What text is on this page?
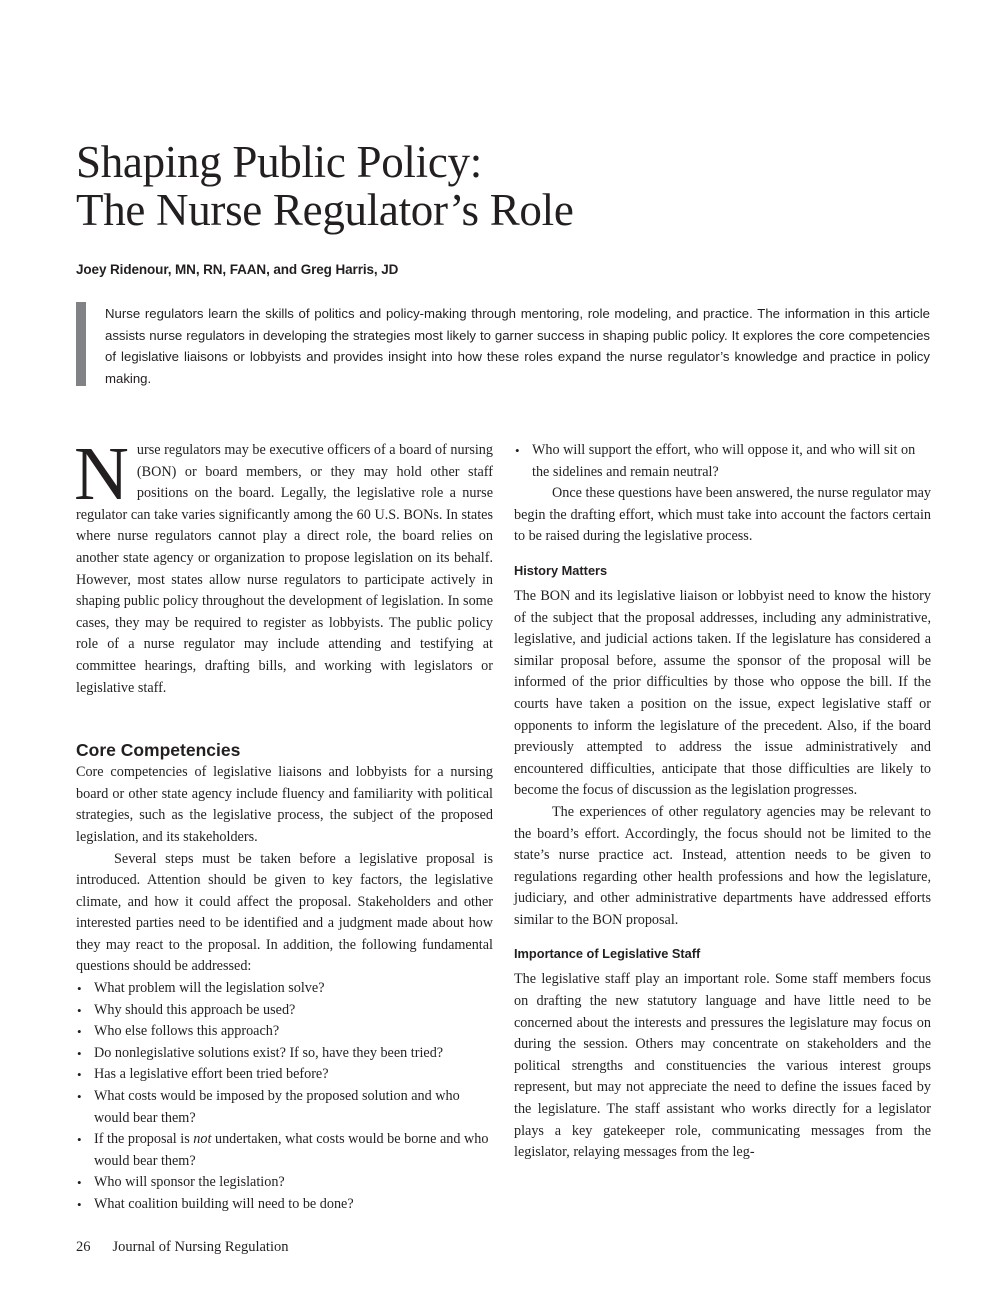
Shaping Public Policy:
The Nurse Regulator’s Role
Joey Ridenour, MN, RN, FAAN, and Greg Harris, JD

Nurse regulators learn the skills of politics and policy-making through mentoring, role modeling, and practice. The information in this article assists nurse regulators in developing the strategies most likely to garner success in shaping public policy. It explores the core competencies of legislative liaisons or lobbyists and provides insight into how these roles expand the nurse regulator’s knowledge and practice in policy making.

Nurse regulators may be executive officers of a board of nursing (BON) or board members, or they may hold other staff positions on the board. Legally, the legislative role a nurse regulator can take varies significantly among the 60 U.S. BONs. In states where nurse regulators cannot play a direct role, the board relies on another state agency or organization to propose legislation on its behalf. However, most states allow nurse regulators to participate actively in shaping public policy throughout the development of legislation. In some cases, they may be required to register as lobbyists. The public policy role of a nurse regulator may include attending and testifying at committee hearings, drafting bills, and working with legislators or legislative staff.

Core Competencies

Core competencies of legislative liaisons and lobbyists for a nursing board or other state agency include fluency and familiarity with political strategies, such as the legislative process, the subject of the proposed legislation, and its stakeholders.

Several steps must be taken before a legislative proposal is introduced. Attention should be given to key factors, the legislative climate, and how it could affect the proposal. Stakeholders and other interested parties need to be identified and a judgment made about how they may react to the proposal. In addition, the following fundamental questions should be addressed:

• What problem will the legislation solve?
• Why should this approach be used?
• Who else follows this approach?
• Do nonlegislative solutions exist? If so, have they been tried?
• Has a legislative effort been tried before?
• What costs would be imposed by the proposed solution and who would bear them?
• If the proposal is not undertaken, what costs would be borne and who would bear them?
• Who will sponsor the legislation?
• What coalition building will need to be done?
• Who will support the effort, who will oppose it, and who will sit on the sidelines and remain neutral?

Once these questions have been answered, the nurse regulator may begin the drafting effort, which must take into account the factors certain to be raised during the legislative process.

History Matters

The BON and its legislative liaison or lobbyist need to know the history of the subject that the proposal addresses, including any administrative, legislative, and judicial actions taken. If the legislature has considered a similar proposal before, assume the sponsor of the proposal will be informed of the prior difficulties by those who oppose the bill. If the courts have taken a position on the issue, expect legislative staff or opponents to inform the legislature of the precedent. Also, if the board previously attempted to address the issue administratively and encountered difficulties, anticipate that those difficulties are likely to become the focus of discussion as the legislation progresses.

The experiences of other regulatory agencies may be relevant to the board’s effort. Accordingly, the focus should not be limited to the state’s nurse practice act. Instead, attention needs to be given to regulations regarding other health professions and how the legislature, judiciary, and other administrative departments have addressed efforts similar to the BON proposal.

Importance of Legislative Staff

The legislative staff play an important role. Some staff members focus on drafting the new statutory language and have little need to be concerned about the interests and pressures the legislature may focus on during the session. Others may concentrate on stakeholders and the political strengths and constituencies the various interest groups represent, but may not appreciate the need to define the issues faced by the legislature. The staff assistant who works directly for a legislator plays a key gatekeeper role, communicating messages from the legislator, relaying messages from the leg-

26 Journal of Nursing Regulation
